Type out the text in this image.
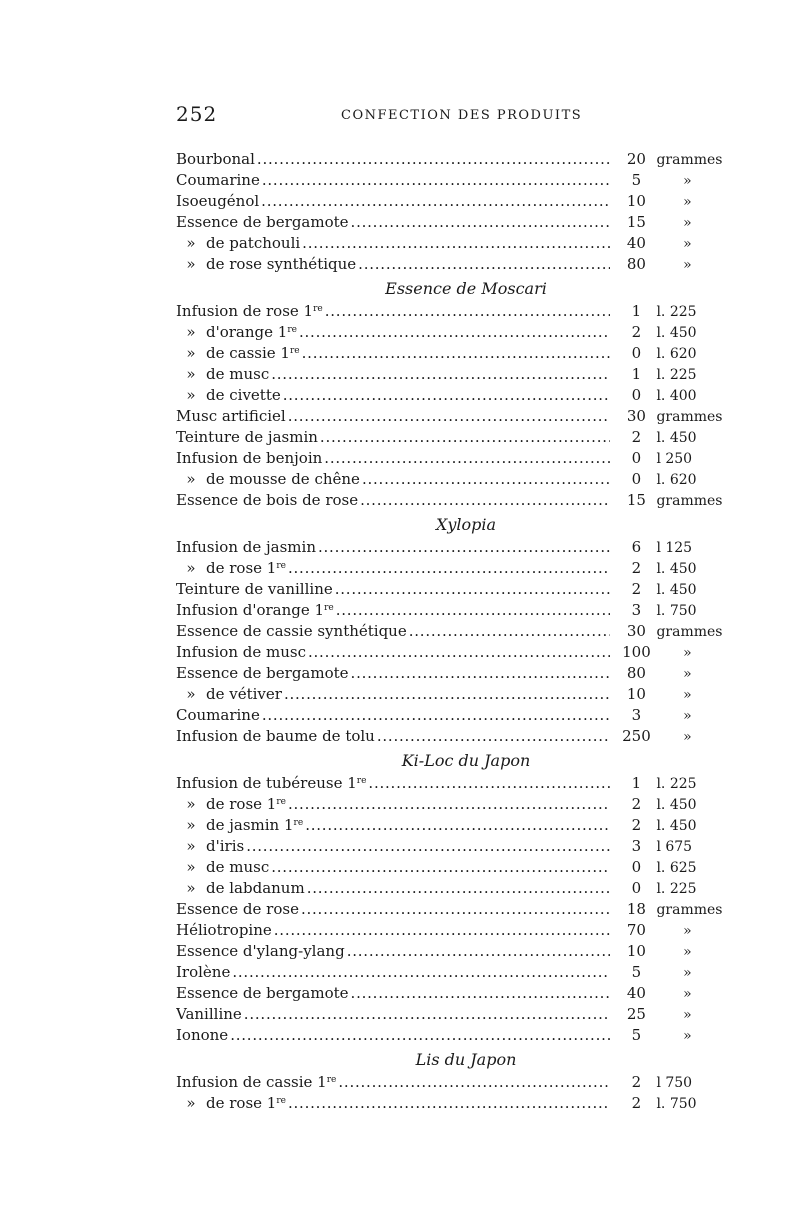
252	CONFECTION DES PRODUITS
Bourbonal . . .	20 grammes
Coumarine . . .	5	»
Isoeugénol . . .	10	»
Essence de bergamote . . .	15	»
» de patchouli . . .	40	»
» de rose synthétique . . .	80	»
Essence de Moscari
Infusion de rose 1re . . .	1	l. 225
» d'orange 1re . . .	2	l. 450
» de cassie 1re . . .	0	l. 620
» de musc . . .	1	l. 225
» de civette . . .	0	l. 400
Musc artificiel . . .	30 grammes
Teinture de jasmin . . .	2	l. 450
Infusion de benjoin . . .	0	l 250
» de mousse de chêne . . .	0	l. 620
Essence de bois de rose . . .	15 grammes
Xylopia
Infusion de jasmin . . .	6	l 125
» de rose 1re . . .	2	l. 450
Teinture de vanilline . . .	2	l. 450
Infusion d'orange 1re . . .	3	l. 750
Essence de cassie synthétique . . .	30 grammes
Infusion de musc . . .	100	»
Essence de bergamote . . .	80	»
» de vétiver . . .	10	»
Coumarine . . .	3	»
Infusion de baume de tolu . . .	250	»
Ki-Loc du Japon
Infusion de tubéreuse 1re . . .	1	l. 225
» de rose 1re . . .	2	l. 450
» de jasmin 1re . . .	2	l. 450
» d'iris . . .	3	l 675
» de musc . . .	0	l. 625
» de labdanum . . .	0	l. 225
Essence de rose . . .	18 grammes
Héliotropine . . .	70	»
Essence d'ylang-ylang . . .	10	»
Irolène . . .	5	»
Essence de bergamote . . .	40	»
Vanilline . . .	25	»
Ionone . . .	5	»
Lis du Japon
Infusion de cassie 1re . . .	2	l 750
» de rose 1re . . .	2	l. 750
